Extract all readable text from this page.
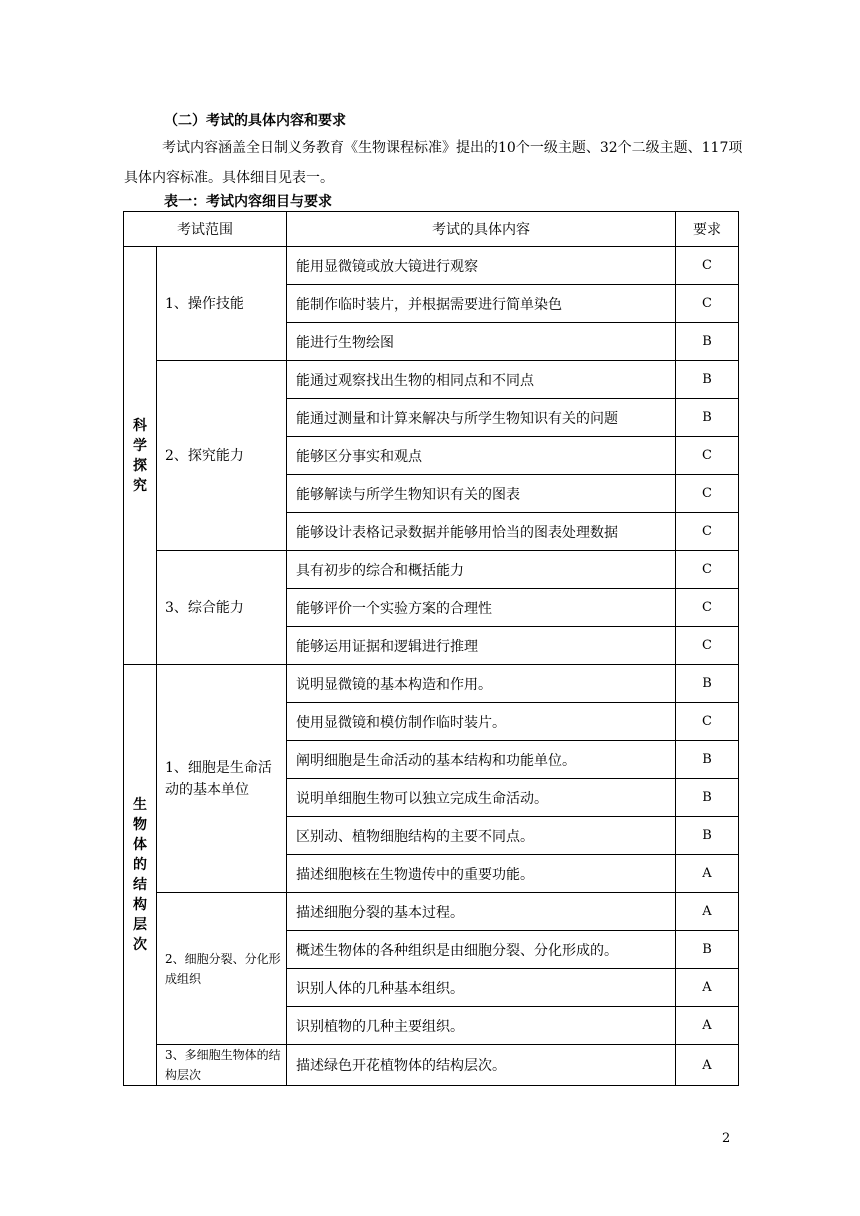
（二）考试的具体内容和要求
考试内容涵盖全日制义务教育《生物课程标准》提出的10个一级主题、32个二级主题、117项具体内容标准。具体细目见表一。
表一：考试内容细目与要求
考试范围		考试的具体内容	要求
科学探究	1、操作技能	能用显微镜或放大镜进行观察	C
		能制作临时装片，并根据需要进行简单染色	C
		能进行生物绘图	B
	2、探究能力	能通过观察找出生物的相同点和不同点	B
		能通过测量和计算来解决与所学生物知识有关的问题	B
		能够区分事实和观点	C
		能够解读与所学生物知识有关的图表	C
		能够设计表格记录数据并能够用恰当的图表处理数据	C
	3、综合能力	具有初步的综合和概括能力	C
		能够评价一个实验方案的合理性	C
		能够运用证据和逻辑进行推理	C
生物体的结构层次	1、细胞是生命活动的基本单位	说明显微镜的基本构造和作用。	B
		使用显微镜和模仿制作临时装片。	C
		阐明细胞是生命活动的基本结构和功能单位。	B
		说明单细胞生物可以独立完成生命活动。	B
		区别动、植物细胞结构的主要不同点。	B
		描述细胞核在生物遗传中的重要功能。	A
	2、细胞分裂、分化形成组织	描述细胞分裂的基本过程。	A
		概述生物体的各种组织是由细胞分裂、分化形成的。	B
		识别人体的几种基本组织。	A
		识别植物的几种主要组织。	A
	3、多细胞生物体的结构层次	描述绿色开花植物体的结构层次。	A
2
